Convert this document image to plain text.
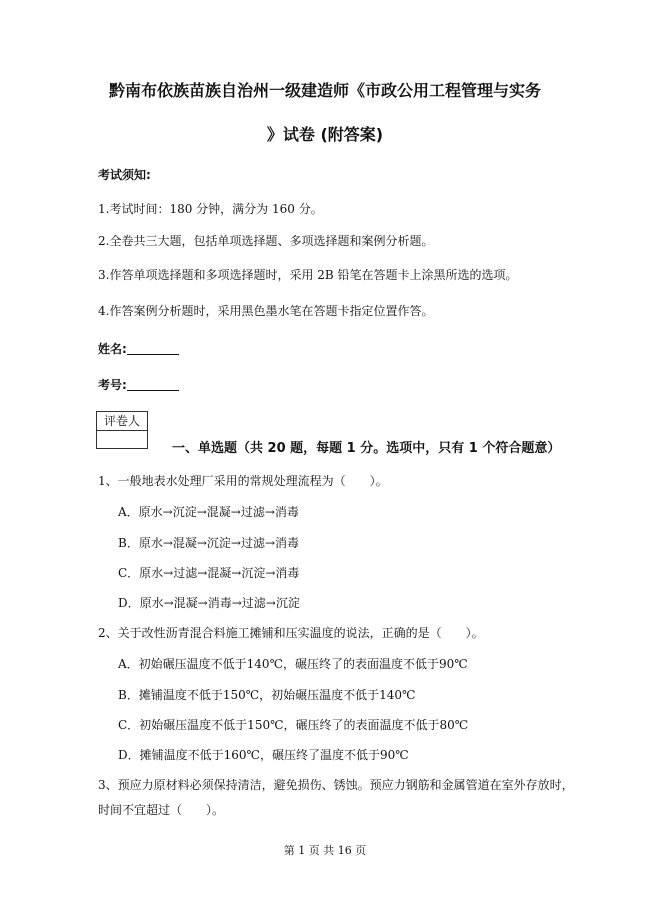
黔南布依族苗族自治州一级建造师《市政公用工程管理与实务
》试卷 (附答案)
考试须知:
1.考试时间：180 分钟，满分为 160 分。
2.全卷共三大题，包括单项选择题、多项选择题和案例分析题。
3.作答单项选择题和多项选择题时，采用 2B 铅笔在答题卡上涂黑所选的选项。
4.作答案例分析题时，采用黑色墨水笔在答题卡指定位置作答。
姓名:
考号:
评卷人
一、单选题（共 20 题，每题 1 分。选项中，只有 1 个符合题意）
1、一般地表水处理厂采用的常规处理流程为（　　）。
A．原水→沉淀→混凝→过滤→消毒
B．原水→混凝→沉淀→过滤→消毒
C．原水→过滤→混凝→沉淀→消毒
D．原水→混凝→消毒→过滤→沉淀
2、关于改性沥青混合料施工摊铺和压实温度的说法，正确的是（　　）。
A．初始碾压温度不低于140℃，碾压终了的表面温度不低于90℃
B．摊铺温度不低于150℃，初始碾压温度不低于140℃
C．初始碾压温度不低于150℃，碾压终了的表面温度不低于80℃
D．摊铺温度不低于160℃，碾压终了温度不低于90℃
3、预应力原材料必须保持清洁，避免损伤、锈蚀。预应力钢筋和金属管道在室外存放时，
时间不宜超过（　　）。
第 1 页 共 16 页
